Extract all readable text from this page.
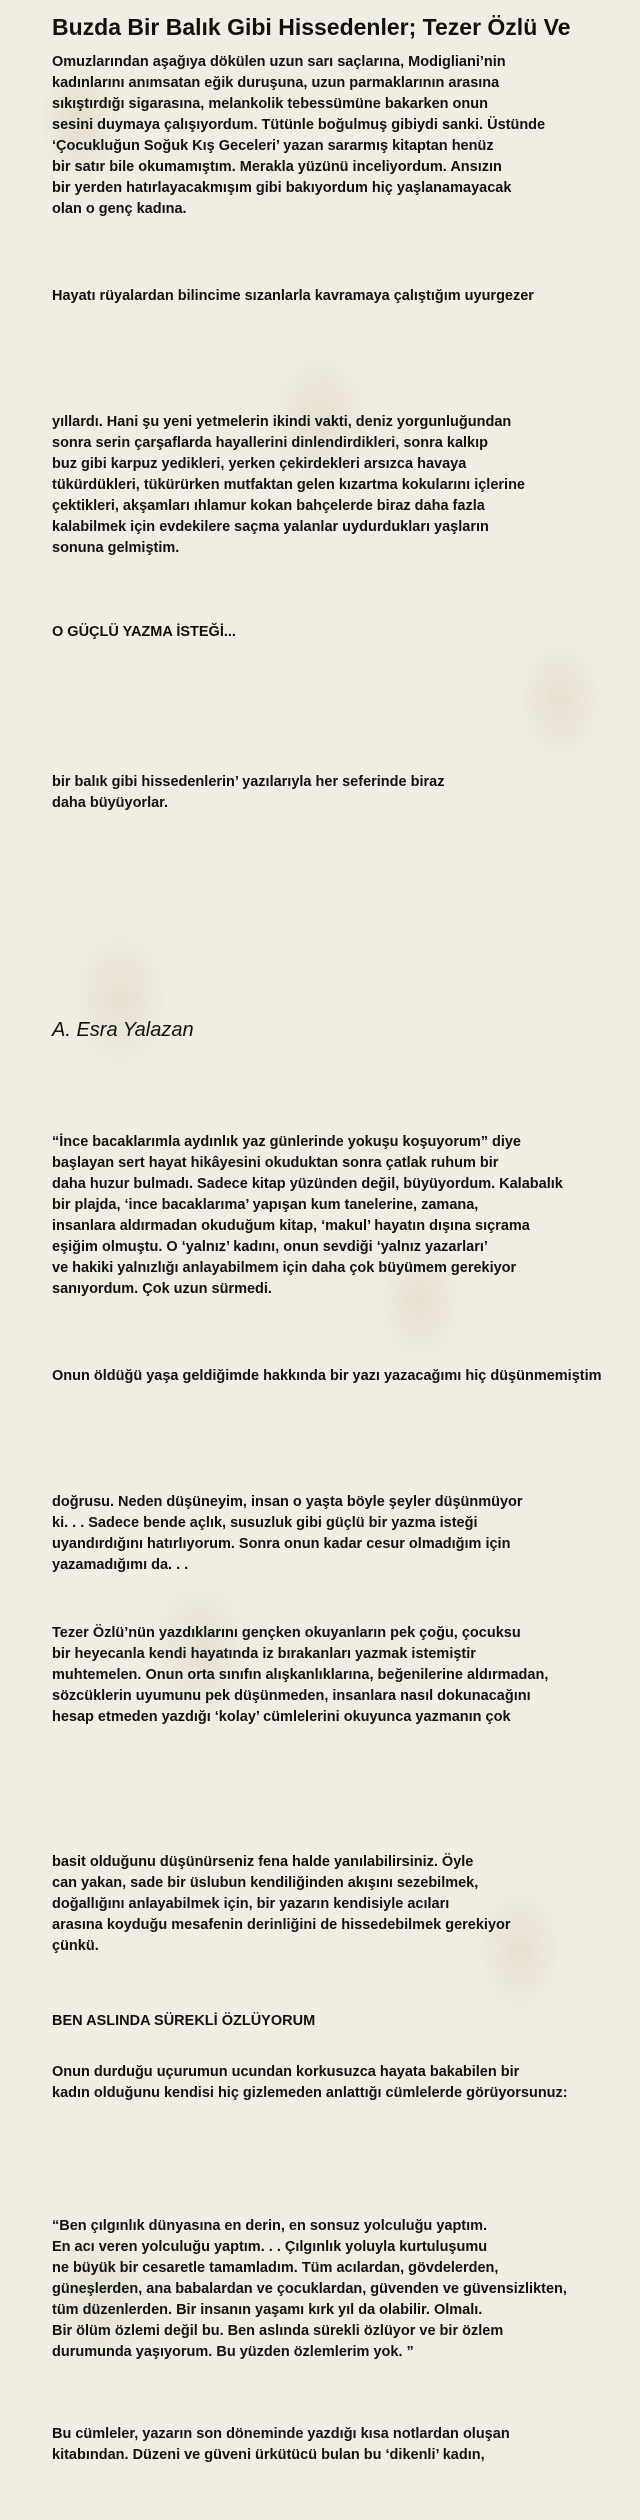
Buzda Bir Balık Gibi Hissedenler; Tezer Özlü Ve
Omuzlarından aşağıya dökülen uzun sarı saçlarına, Modigliani’nin
kadınlarını anımsatan eğik duruşuna, uzun parmaklarının arasına
sıkıştırdığı sigarasına, melankolik tebessümüne bakarken onun
sesini duymaya çalışıyordum. Tütünle boğulmuş gibiydi sanki. Üstünde
‘Çocukluğun Soğuk Kış Geceleri’ yazan sararmış kitaptan henüz
bir satır bile okumamıştım. Merakla yüzünü inceliyordum. Ansızın
bir yerden hatırlayacakmışım gibi bakıyordum hiç yaşlanamayacak
olan o genç kadına.
Hayatı rüyalardan bilincime sızanlarla kavramaya çalıştığım uyurgezer
yıllardı. Hani şu yeni yetmelerin ikindi vakti, deniz yorgunluğundan
sonra serin çarşaflarda hayallerini dinlendirdikleri, sonra kalkıp
buz gibi karpuz yedikleri, yerken çekirdekleri arsızca havaya
tükürdükleri, tükürürken mutfaktan gelen kızartma kokularını içlerine
çektikleri, akşamları ıhlamur kokan bahçelerde biraz daha fazla
kalabilmek için evdekilere saçma yalanlar uydurdukları yaşların
sonuna gelmiştim.
O GÜÇLÜ YAZMA İSTEĞİ...
bir balık gibi hissedenlerin’ yazılarıyla her seferinde biraz
daha büyüyorlar.
A. Esra Yalazan
“İnce bacaklarımla aydınlık yaz günlerinde yokuşu koşuyorum” diye
başlayan sert hayat hikâyesini okuduktan sonra çatlak ruhum bir
daha huzur bulmadı. Sadece kitap yüzünden değil, büyüyordum. Kalabalık
bir plajda, ‘ince bacaklarıma’ yapışan kum tanelerine, zamana,
insanlara aldırmadan okuduğum kitap, ‘makul’ hayatın dışına sıçrama
eşiğim olmuştu. O ‘yalnız’ kadını, onun sevdiği ‘yalnız yazarları’
ve hakiki yalnızlığı anlayabilmem için daha çok büyümem gerekiyor
sanıyordum. Çok uzun sürmedi.
Onun öldüğü yaşa geldiğimde hakkında bir yazı yazacağımı hiç düşünmemiştim
doğrusu. Neden düşüneyim, insan o yaşta böyle şeyler düşünmüyor
ki. . . Sadece bende açlık, susuzluk gibi güçlü bir yazma isteği
uyandırdığını hatırlıyorum. Sonra onun kadar cesur olmadığım için
yazamadığımı da. . .
Tezer Özlü’nün yazdıklarını gençken okuyanların pek çoğu, çocuksu
bir heyecanla kendi hayatında iz bırakanları yazmak istemiştir
muhtemelen. Onun orta sınıfın alışkanlıklarına, beğenilerine aldırmadan,
sözcüklerin uyumunu pek düşünmeden, insanlara nasıl dokunacağını
hesap etmeden yazdığı ‘kolay’ cümlelerini okuyunca yazmanın çok
basit olduğunu düşünürseniz fena halde yanılabilirsiniz. Öyle
can yakan, sade bir üslubun kendiliğinden akışını sezebilmek,
doğallığını anlayabilmek için, bir yazarın kendisiyle acıları
arasına koyduğu mesafenin derinliğini de hissedebilmek gerekiyor
çünkü.
BEN ASLINDA SÜREKLİ ÖZLÜYORUM
Onun durduğu uçurumun ucundan korkusuzca hayata bakabilen bir
kadın olduğunu kendisi hiç gizlemeden anlattığı cümlelerde görüyorsunuz:
“Ben çılgınlık dünyasına en derin, en sonsuz yolculuğu yaptım.
En acı veren yolculuğu yaptım. . . Çılgınlık yoluyla kurtuluşumu
ne büyük bir cesaretle tamamladım. Tüm acılardan, gövdelerden,
güneşlerden, ana babalardan ve çocuklardan, güvenden ve güvensizlikten,
tüm düzenlerden. Bir insanın yaşamı kırk yıl da olabilir. Olmalı.
Bir ölüm özlemi değil bu. Ben aslında sürekli özlüyor ve bir özlem
durumunda yaşıyorum. Bu yüzden özlemlerim yok. ”
Bu cümleler, yazarın son döneminde yazdığı kısa notlardan oluşan
kitabından. Düzeni ve güveni ürkütücü bulan bu ‘dikenli’ kadın,
